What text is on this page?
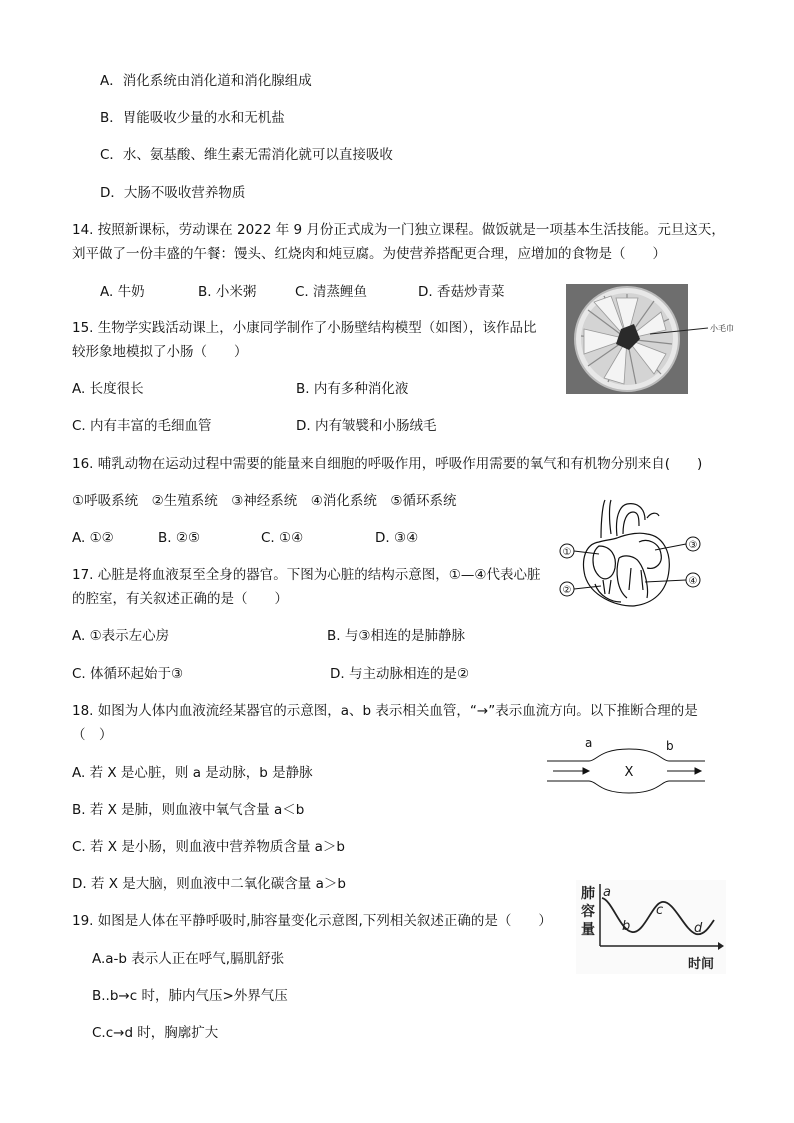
A．消化系统由消化道和消化腺组成
B．胃能吸收少量的水和无机盐
C．水、氨基酸、维生素无需消化就可以直接吸收
D．大肠不吸收营养物质
14. 按照新课标，劳动课在 2022 年 9 月份正式成为一门独立课程。做饭就是一项基本生活技能。元旦这天，
刘平做了一份丰盛的午餐：馒头、红烧肉和炖豆腐。为使营养搭配更合理，应增加的食物是（　　）
A. 牛奶	B. 小米粥	C. 清蒸鲤鱼	D. 香菇炒青菜
小毛巾
15. 生物学实践活动课上，小康同学制作了小肠壁结构模型（如图），该作品比
较形象地模拟了小肠（　　）
A. 长度很长	B. 内有多种消化液
C. 内有丰富的毛细血管	D. 内有皱襞和小肠绒毛
16. 哺乳动物在运动过程中需要的能量来自细胞的呼吸作用，呼吸作用需要的氧气和有机物分别来自(　　)
①呼吸系统　②生殖系统　③神经系统　④消化系统　⑤循环系统
A. ①②	B. ②⑤	C. ①④	D. ③④
①
②
③
④
17. 心脏是将血液泵至全身的器官。下图为心脏的结构示意图，①—④代表心脏
的腔室，有关叙述正确的是（　　）
A. ①表示左心房	B. 与③相连的是肺静脉
C. 体循环起始于③	D. 与主动脉相连的是②
18. 如图为人体内血液流经某器官的示意图，a、b 表示相关血管，“→”表示血流方向。以下推断合理的是
（　）	a	b
X
A. 若 X 是心脏，则 a 是动脉，b 是静脉
B. 若 X 是肺，则血液中氧气含量 a＜b
C. 若 X 是小肠，则血液中营养物质含量 a＞b
D. 若 X 是大脑，则血液中二氧化碳含量 a＞b
肺
容
量
a
b
c
d
时间
19. 如图是人体在平静呼吸时,肺容量变化示意图,下列相关叙述正确的是（　　）
A.a-b 表示人正在呼气,膈肌舒张
B..b→c 时，肺内气压>外界气压
C.c→d 时，胸廓扩大
